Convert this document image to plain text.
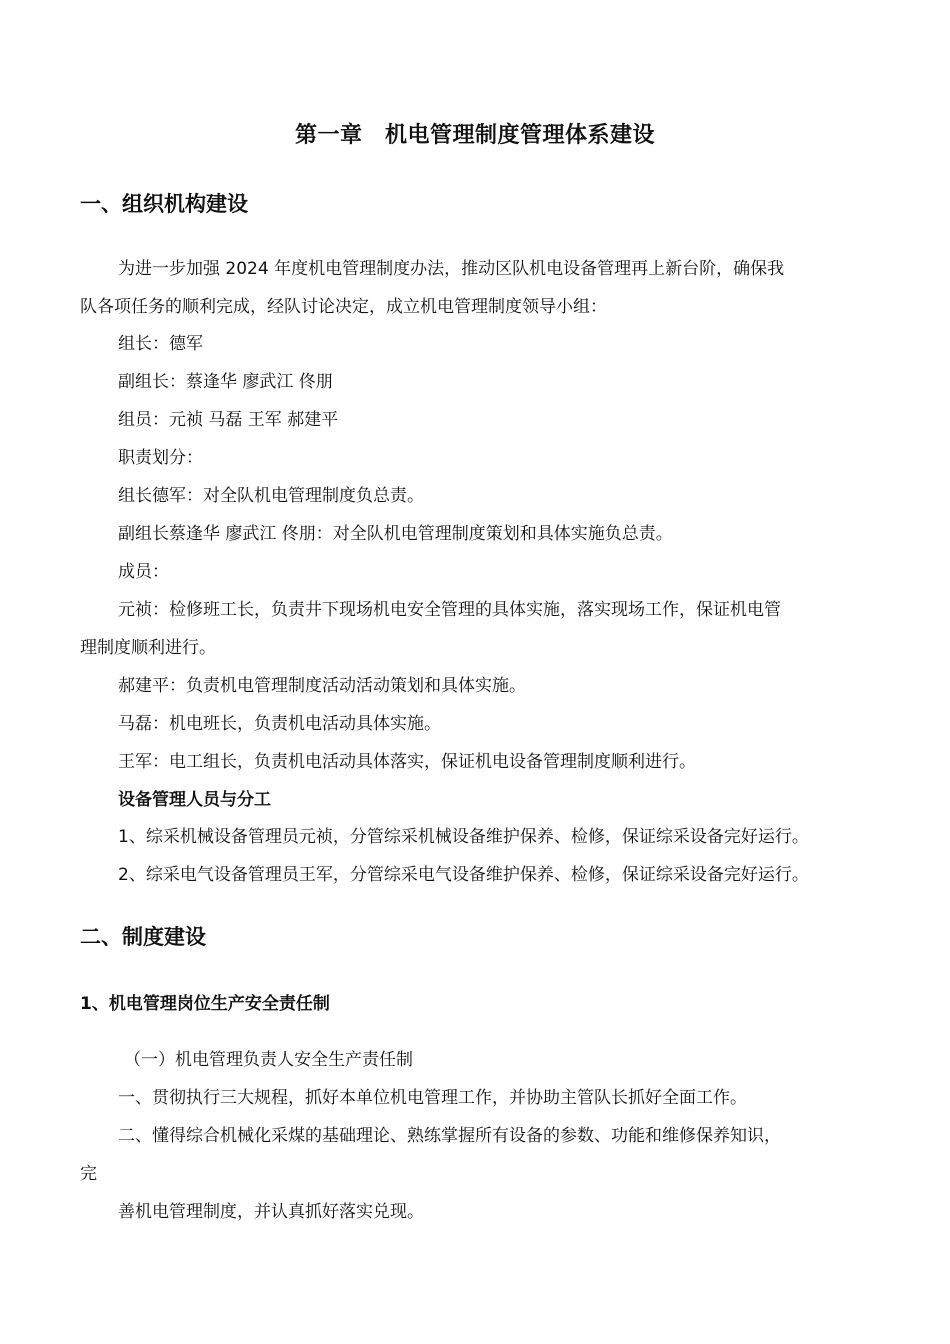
第一章　机电管理制度管理体系建设
一、组织机构建设

为进一步加强 2024 年度机电管理制度办法，推动区队机电设备管理再上新台阶，确保我

队各项任务的顺利完成，经队讨论决定，成立机电管理制度领导小组：

组长：德军

副组长：蔡逢华 廖武江 佟朋

组员：元祯 马磊 王军 郝建平

职责划分：

组长德军：对全队机电管理制度负总责。

副组长蔡逢华 廖武江 佟朋：对全队机电管理制度策划和具体实施负总责。

成员：

元祯：检修班工长，负责井下现场机电安全管理的具体实施，落实现场工作，保证机电管

理制度顺利进行。

郝建平：负责机电管理制度活动活动策划和具体实施。

马磊：机电班长，负责机电活动具体实施。

王军：电工组长，负责机电活动具体落实，保证机电设备管理制度顺利进行。

设备管理人员与分工

1、综采机械设备管理员元祯，分管综采机械设备维护保养、检修，保证综采设备完好运行。

2、综采电气设备管理员王军，分管综采电气设备维护保养、检修，保证综采设备完好运行。

二、制度建设
1、机电管理岗位生产安全责任制

（一）机电管理负责人安全生产责任制

一、贯彻执行三大规程，抓好本单位机电管理工作，并协助主管队长抓好全面工作。

二、懂得综合机械化采煤的基础理论、熟练掌握所有设备的参数、功能和维修保养知识，

完

善机电管理制度，并认真抓好落实兑现。
